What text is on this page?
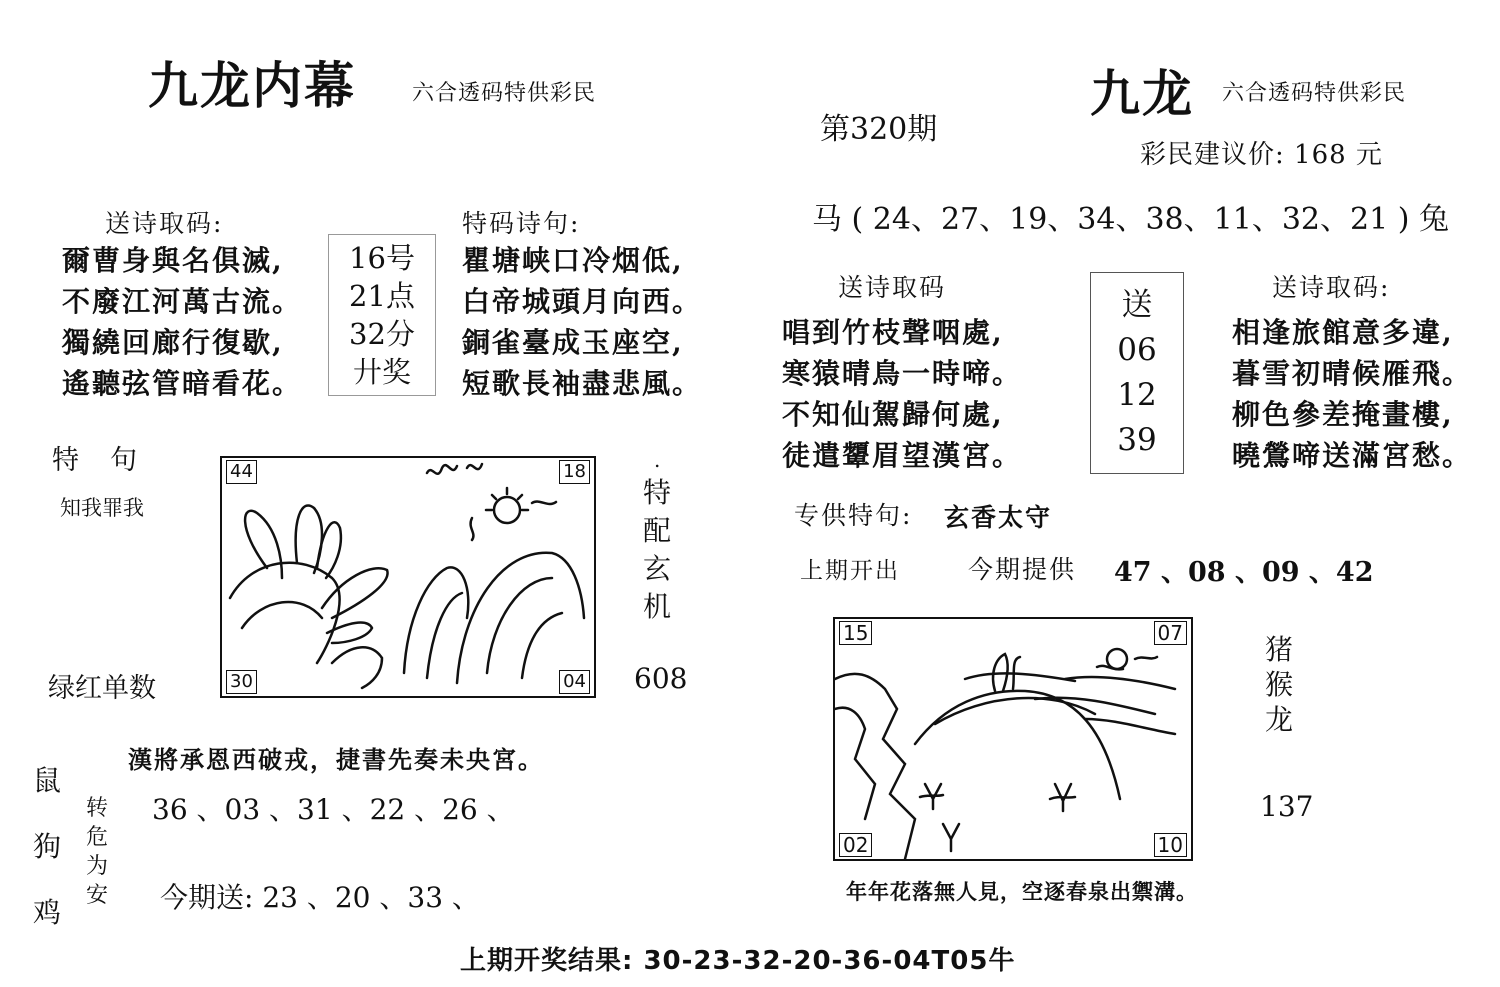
九龙内幕	六合透码特供彩民
送诗取码:	特码诗句:
爾曹身與名俱滅,
不廢江河萬古流。
獨繞回廊行復歇,
遙聽弦管暗看花。
16号
21点
32分
廾奖
瞿塘峡口冷烟低,
白帝城頭月向西。
銅雀臺成玉座空,
短歌長袖盡悲風。
特　句
知我罪我
44	18
30	04
.
特配玄机
608
绿红单数
漢將承恩西破戎，捷書先奏未央宮。
鼠
狗
鸡
转危为安
36 、03 、31 、22 、26 、
今期送: 23 、20 、33 、
第320期
九龙 六合透码特供彩民
彩民建议价: 168 元
马 ( 24、27、19、34、38、11、32、21 ) 兔
送诗取码	送诗取码:
唱到竹枝聲咽處,
寒猿晴鳥一時啼。
不知仙駕歸何處,
徒遣顰眉望漢宮。
送
06
12
39
相逢旅館意多違,
暮雪初晴候雁飛。
柳色參差掩畫樓,
曉鶯啼送滿宮愁。
专供特句: 玄香太守
上期开出	今期提供 47 、08 、09 、42
15	07
02	10
猪
猴
龙
137
年年花落無人見，空逐春泉出禦溝。
上期开奖结果: 30-23-32-20-36-04T05牛
